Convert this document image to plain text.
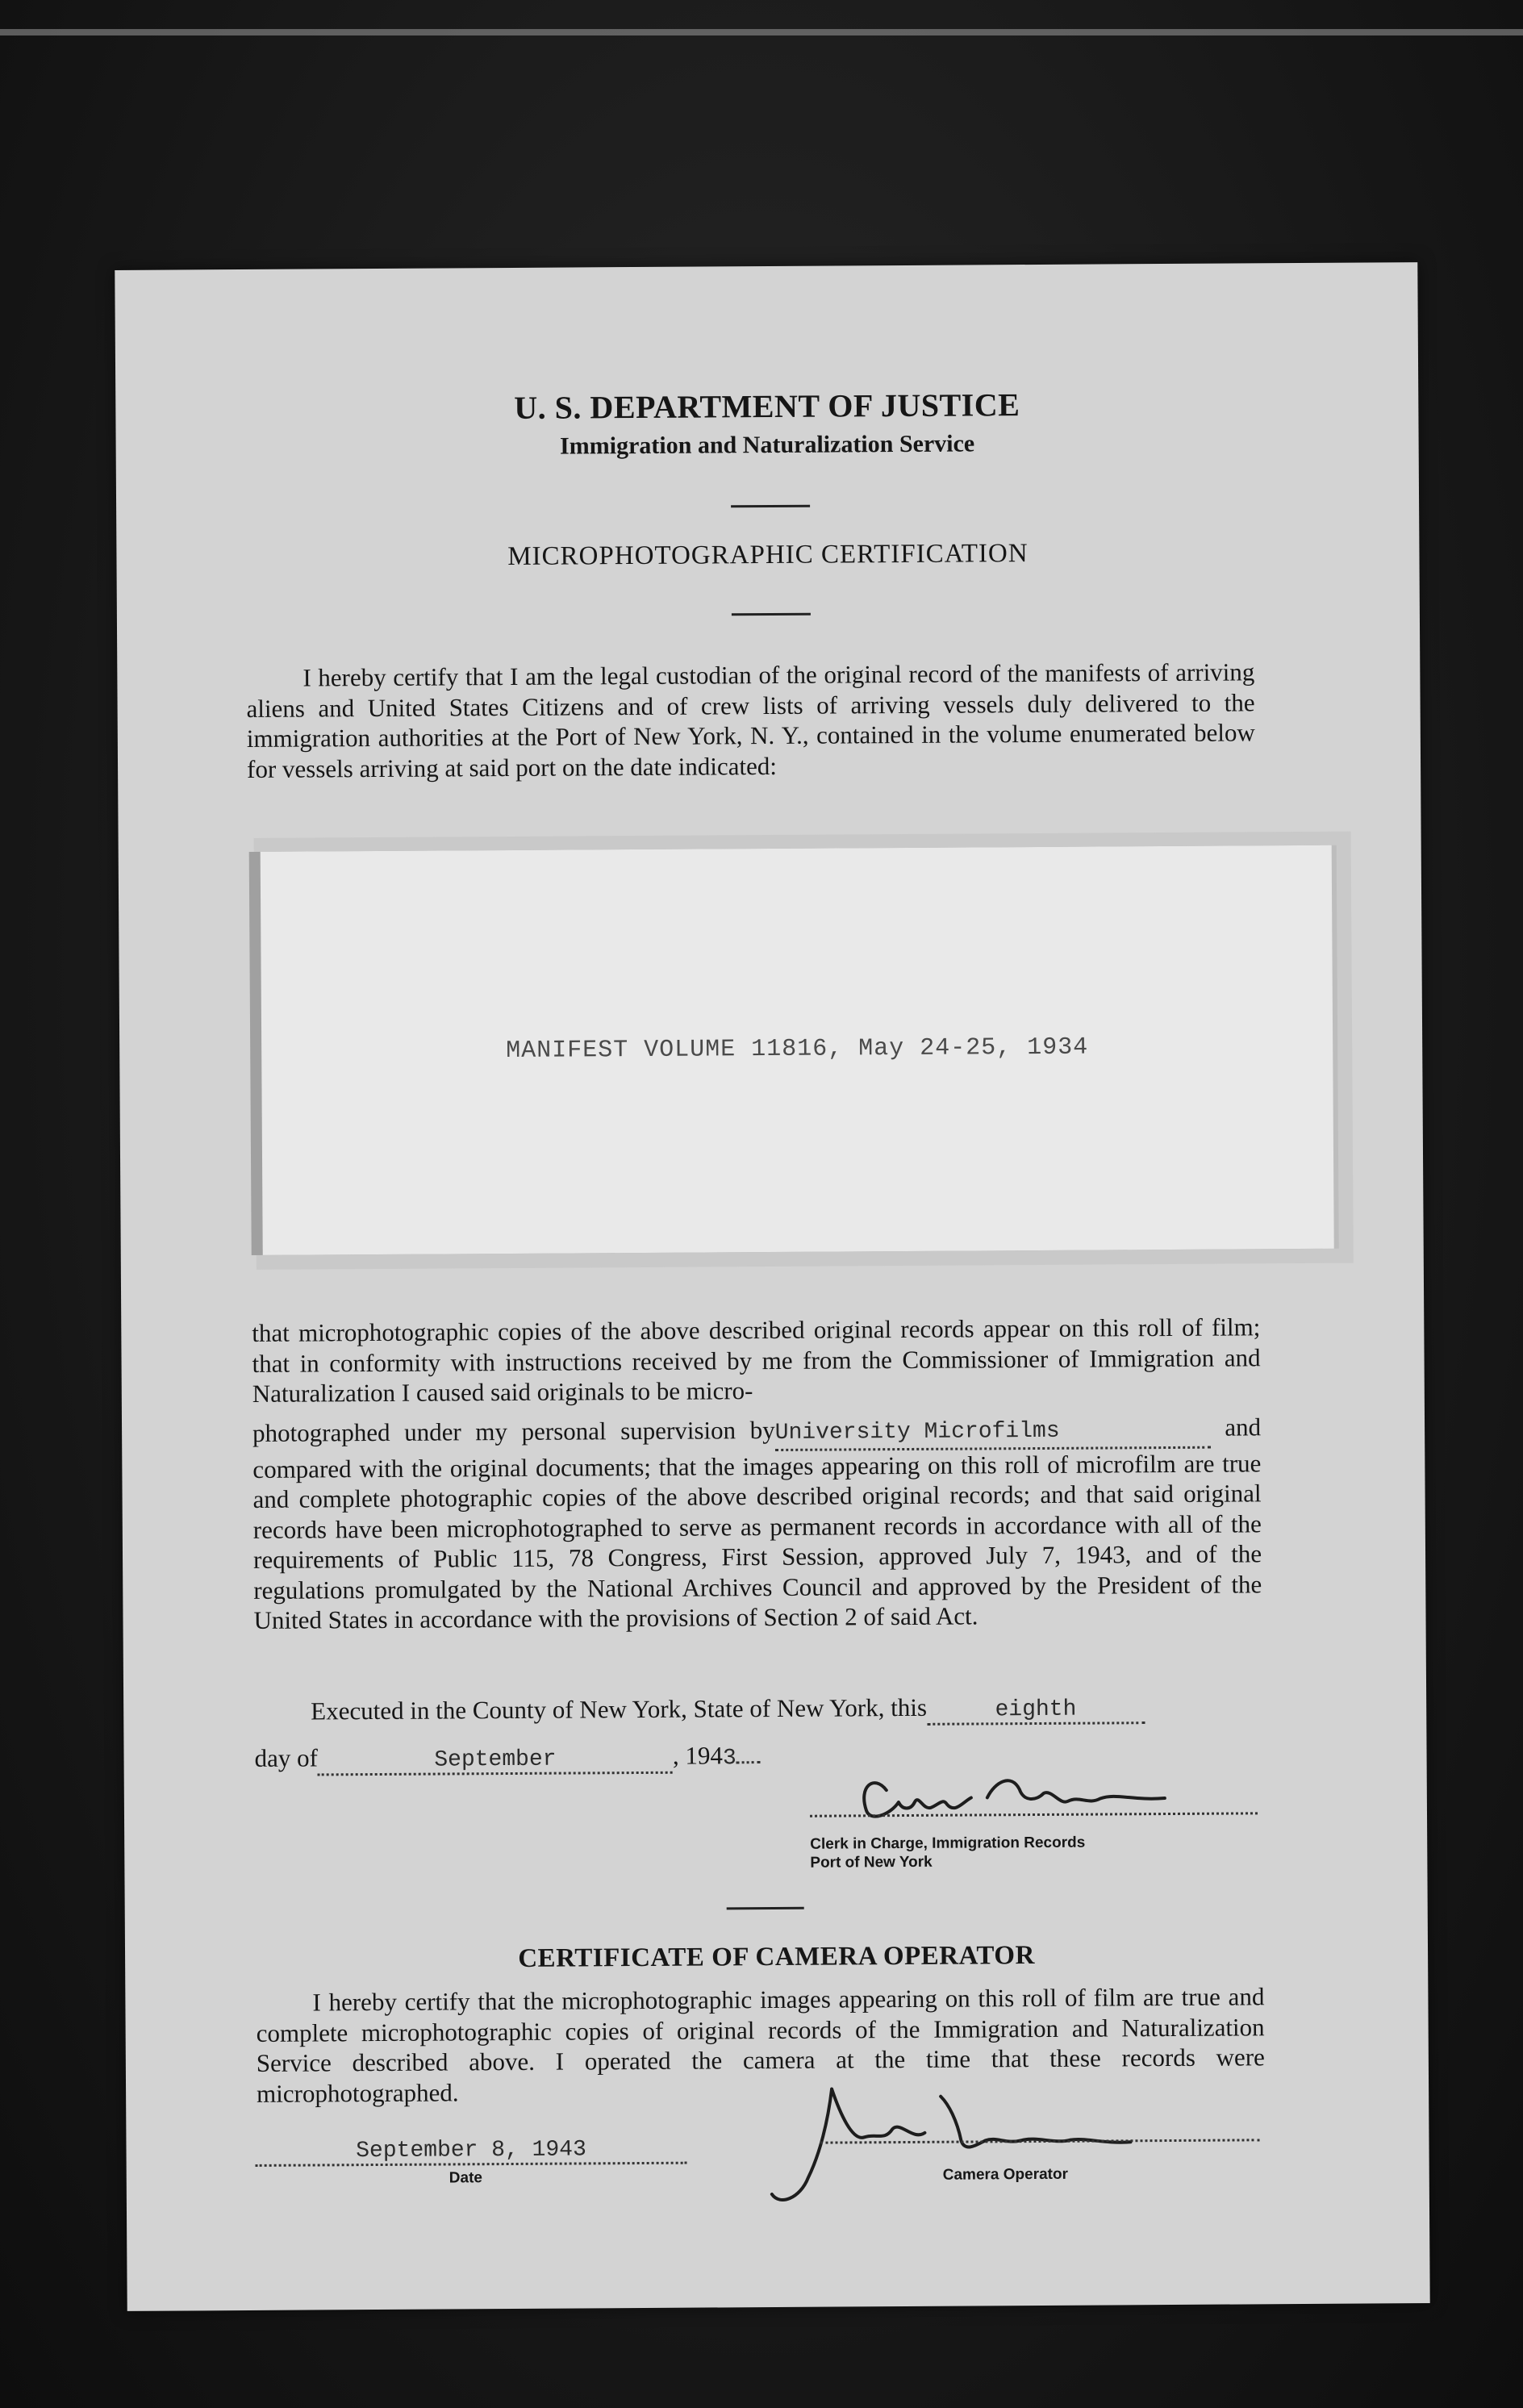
U. S. DEPARTMENT OF JUSTICE
Immigration and Naturalization Service
MICROPHOTOGRAPHIC CERTIFICATION
I hereby certify that I am the legal custodian of the original record of the manifests of arriving aliens and United States Citizens and of crew lists of arriving vessels duly delivered to the immigration authorities at the Port of New York, N. Y., contained in the volume enumerated below for vessels arriving at said port on the date indicated:
MANIFEST VOLUME 11816, May 24-25, 1934
that microphotographic copies of the above described original records appear on this roll of film; that in conformity with instructions received by me from the Commissioner of Immigration and Naturalization I caused said originals to be micro-
photographed under my personal supervision byUniversity Microfilms	and compared with the original documents; that the images appearing on this roll of microfilm are true and complete photographic copies of the above described original records; and that said original records have been microphotographed to serve as permanent records in accordance with all of the requirements of Public 115, 78 Congress, First Session, approved July 7, 1943, and of the regulations promulgated by the National Archives Council and approved by the President of the United States in accordance with the provisions of Section 2 of said Act.
Executed in the County of New York, State of New York, this	eighth
day of	September	, 1943
Clerk in Charge, Immigration Records
Port of New York
CERTIFICATE OF CAMERA OPERATOR
I hereby certify that the microphotographic images appearing on this roll of film are true and complete microphotographic copies of original records of the Immigration and Naturalization Service described above. I operated the camera at the time that these records were microphotographed.
September 8, 1943
Date	Camera Operator
